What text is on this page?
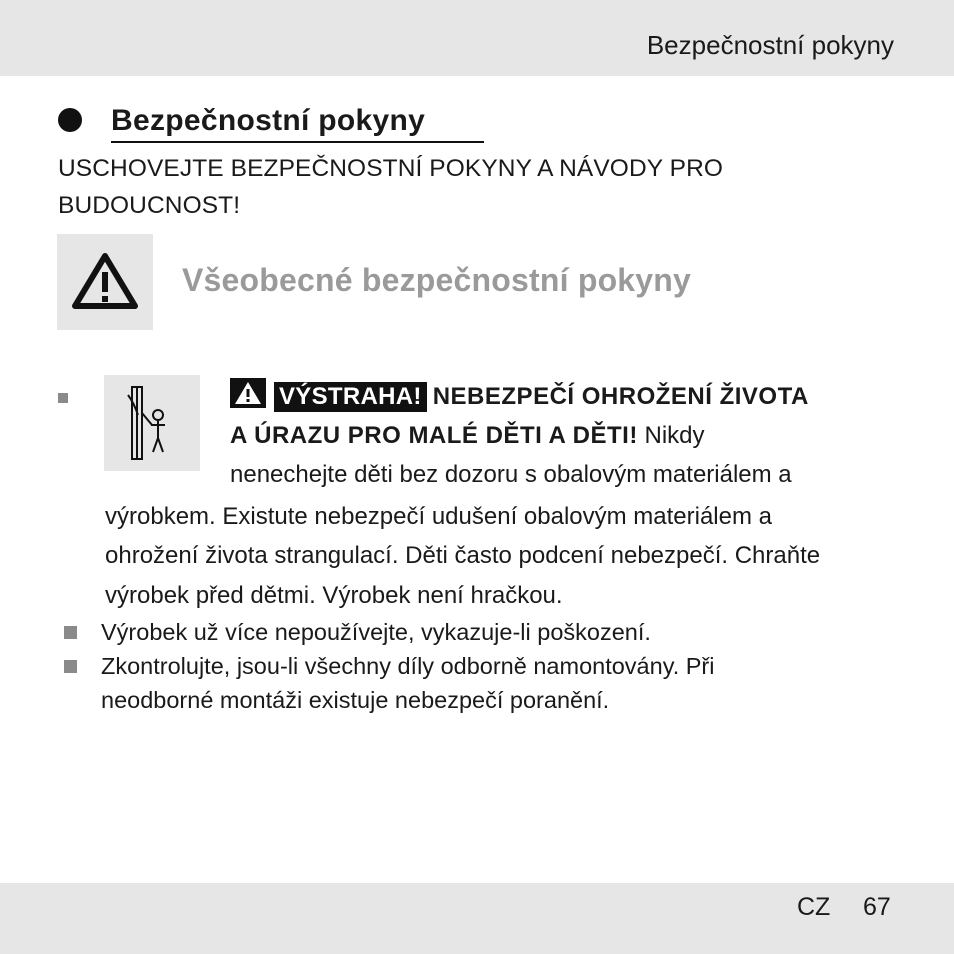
Bezpečnostní pokyny
Bezpečnostní pokyny
USCHOVEJTE BEZPEČNOSTNÍ POKYNY A NÁVODY PRO BUDOUCNOST!
Všeobecné bezpečnostní pokyny
VÝSTRAHA! NEBEZPEČÍ OHROŽENÍ ŽIVOTA
A ÚRAZU PRO MALÉ DĚTI A DĚTI! Nikdy
nenechejte děti bez dozoru s obalovým materiálem a
výrobkem. Existute nebezpečí udušení obalovým materiálem a
ohrožení života strangulací. Děti často podcení nebezpečí. Chraňte
výrobek před dětmi. Výrobek není hračkou.
Výrobek už více nepoužívejte, vykazuje-li poškození.
Zkontrolujte, jsou-li všechny díly odborně namontovány. Při neodborné montáži existuje nebezpečí poranění.
CZ 67
